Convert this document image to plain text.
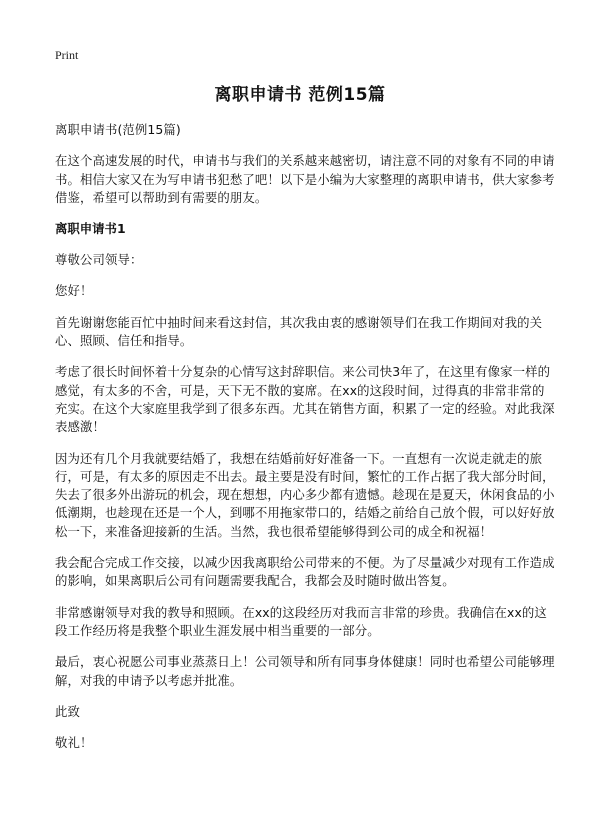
Print
离职申请书 范例15篇

离职申请书(范例15篇)

在这个高速发展的时代，申请书与我们的关系越来越密切，请注意不同的对象有不同的申请书。相信大家又在为写申请书犯愁了吧！以下是小编为大家整理的离职申请书，供大家参考借鉴，希望可以帮助到有需要的朋友。

离职申请书1

尊敬公司领导：

您好！

首先谢谢您能百忙中抽时间来看这封信，其次我由衷的感谢领导们在我工作期间对我的关心、照顾、信任和指导。

考虑了很长时间怀着十分复杂的心情写这封辞职信。来公司快3年了，在这里有像家一样的感觉，有太多的不舍，可是，天下无不散的宴席。在xx的这段时间，过得真的非常非常的充实。在这个大家庭里我学到了很多东西。尤其在销售方面，积累了一定的经验。对此我深表感激！

因为还有几个月我就要结婚了，我想在结婚前好好准备一下。一直想有一次说走就走的旅行，可是，有太多的原因走不出去。最主要是没有时间，繁忙的工作占据了我大部分时间，失去了很多外出游玩的机会，现在想想，内心多少都有遗憾。趁现在是夏天，休闲食品的小低潮期，也趁现在还是一个人，到哪不用拖家带口的，结婚之前给自己放个假，可以好好放松一下，来准备迎接新的生活。当然，我也很希望能够得到公司的成全和祝福！

我会配合完成工作交接，以减少因我离职给公司带来的不便。为了尽量减少对现有工作造成的影响，如果离职后公司有问题需要我配合，我都会及时随时做出答复。

非常感谢领导对我的教导和照顾。在xx的这段经历对我而言非常的珍贵。我确信在xx的这段工作经历将是我整个职业生涯发展中相当重要的一部分。

最后，衷心祝愿公司事业蒸蒸日上！公司领导和所有同事身体健康！同时也希望公司能够理解，对我的申请予以考虑并批准。

此致

敬礼！
